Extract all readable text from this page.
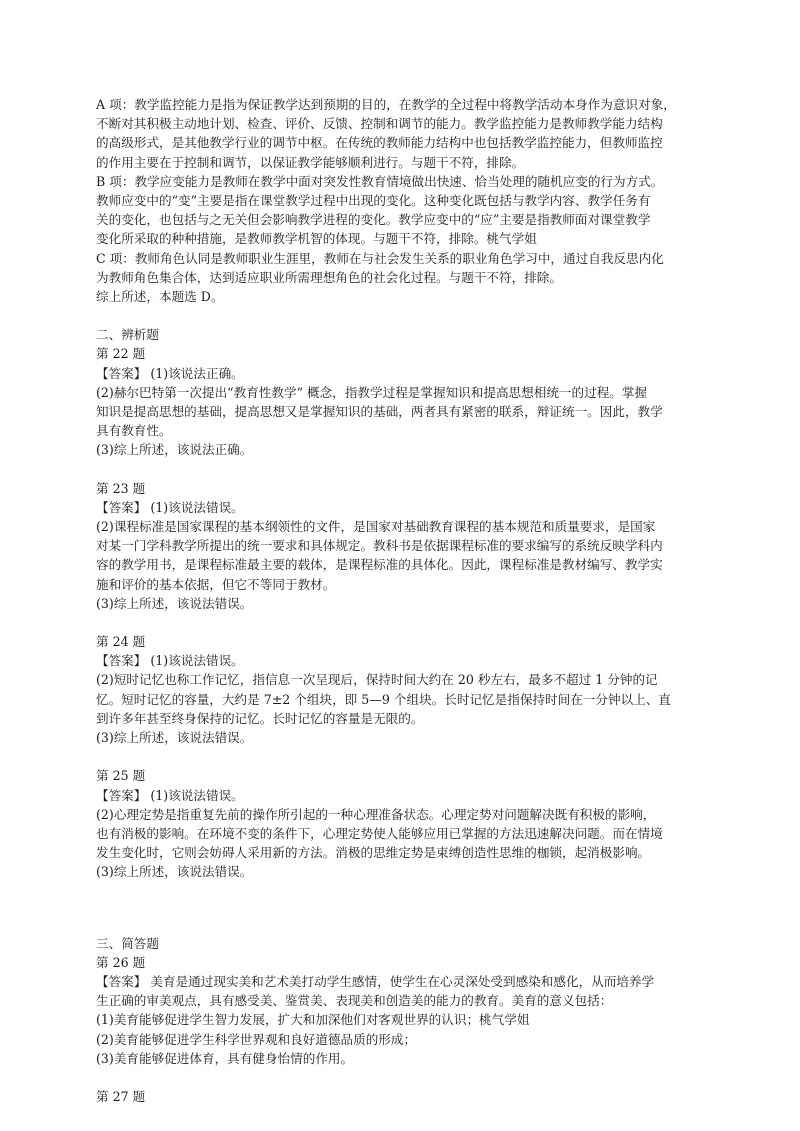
A 项：教学监控能力是指为保证教学达到预期的目的，在教学的全过程中将教学活动本身作为意识对象，
不断对其积极主动地计划、检查、评价、反馈、控制和调节的能力。教学监控能力是教师教学能力结构
的高级形式，是其他教学行业的调节中枢。在传统的教师能力结构中也包括教学监控能力，但教师监控
的作用主要在于控制和调节，以保证教学能够顺利进行。与题干不符，排除。
B 项：教学应变能力是教师在教学中面对突发性教育情境做出快速、恰当处理的随机应变的行为方式。
教师应变中的“变”主要是指在课堂教学过程中出现的变化。这种变化既包括与教学内容、教学任务有
关的变化，也包括与之无关但会影响教学进程的变化。教学应变中的“应”主要是指教师面对课堂教学
变化所采取的种种措施，是教师教学机智的体现。与题干不符，排除。桃气学姐
C 项：教师角色认同是教师职业生涯里，教师在与社会发生关系的职业角色学习中，通过自我反思内化
为教师角色集合体，达到适应职业所需理想角色的社会化过程。与题干不符，排除。
综上所述，本题选 D。
二、辨析题
第 22 题
【答案】 (1)该说法正确。
(2)赫尔巴特第一次提出“教育性教学” 概念，指教学过程是掌握知识和提高思想相统一的过程。掌握
知识是提高思想的基础，提高思想又是掌握知识的基础，两者具有紧密的联系，辩证统一。因此，教学
具有教育性。
(3)综上所述，该说法正确。
第 23 题
【答案】 (1)该说法错误。
(2)课程标准是国家课程的基本纲领性的文件，是国家对基础教育课程的基本规范和质量要求，是国家
对某一门学科教学所提出的统一要求和具体规定。教科书是依据课程标准的要求编写的系统反映学科内
容的教学用书，是课程标准最主要的载体，是课程标准的具体化。因此，课程标准是教材编写、教学实
施和评价的基本依据，但它不等同于教材。
(3)综上所述，该说法错误。
第 24 题
【答案】 (1)该说法错误。
(2)短时记忆也称工作记忆，指信息一次呈现后，保持时间大约在 20 秒左右，最多不超过 1 分钟的记
忆。短时记忆的容量，大约是 7±2 个组块，即 5—9 个组块。长时记忆是指保持时间在一分钟以上、直
到许多年甚至终身保持的记忆。长时记忆的容量是无限的。
(3)综上所述，该说法错误。
第 25 题
【答案】 (1)该说法错误。
(2)心理定势是指重复先前的操作所引起的一种心理准备状态。心理定势对问题解决既有积极的影响，
也有消极的影响。在环境不变的条件下，心理定势使人能够应用已掌握的方法迅速解决问题。而在情境
发生变化时，它则会妨碍人采用新的方法。消极的思维定势是束缚创造性思维的枷锁，起消极影响。
(3)综上所述，该说法错误。
三、简答题
第 26 题
【答案】 美育是通过现实美和艺术美打动学生感情，使学生在心灵深处受到感染和感化，从而培养学
生正确的审美观点，具有感受美、鉴赏美、表现美和创造美的能力的教育。美育的意义包括：
(1)美育能够促进学生智力发展，扩大和加深他们对客观世界的认识；桃气学姐
(2)美育能够促进学生科学世界观和良好道德品质的形成；
(3)美育能够促进体育，具有健身怡情的作用。
第 27 题
